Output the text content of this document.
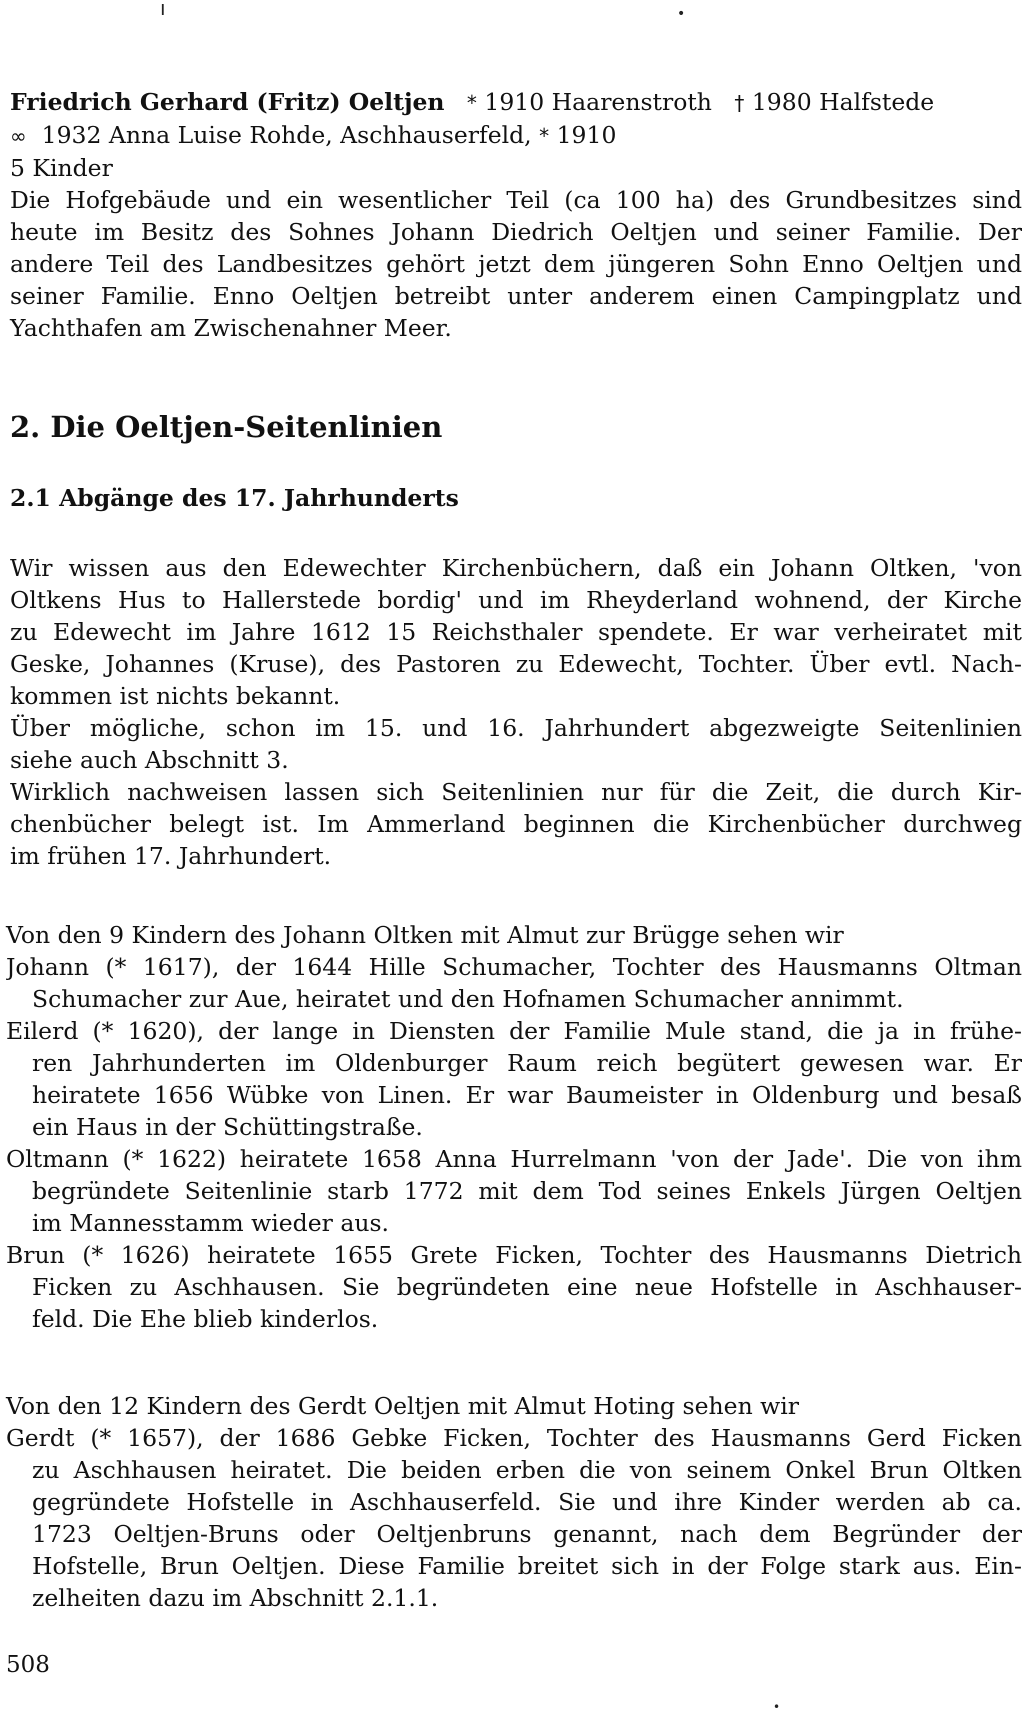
ı	•
•
Friedrich Gerhard (Fritz) Oeltjen * 1910 Haarenstroth † 1980 Halfstede
∞ 1932 Anna Luise Rohde, Aschhauserfeld, * 1910
5 Kinder
Die Hofgebäude und ein wesentlicher Teil (ca 100 ha) des Grundbesitzes sind
heute im Besitz des Sohnes Johann Diedrich Oeltjen und seiner Familie. Der
andere Teil des Landbesitzes gehört jetzt dem jüngeren Sohn Enno Oeltjen und
seiner Familie. Enno Oeltjen betreibt unter anderem einen Campingplatz und
Yachthafen am Zwischenahner Meer.
2. Die Oeltjen-Seitenlinien
2.1 Abgänge des 17. Jahrhunderts
Wir wissen aus den Edewechter Kirchenbüchern, daß ein Johann Oltken, 'von
Oltkens Hus to Hallerstede bordig' und im Rheyderland wohnend, der Kirche
zu Edewecht im Jahre 1612 15 Reichsthaler spendete. Er war verheiratet mit
Geske, Johannes (Kruse), des Pastoren zu Edewecht, Tochter. Über evtl. Nach-
kommen ist nichts bekannt.
Über mögliche, schon im 15. und 16. Jahrhundert abgezweigte Seitenlinien
siehe auch Abschnitt 3.
Wirklich nachweisen lassen sich Seitenlinien nur für die Zeit, die durch Kir-
chenbücher belegt ist. Im Ammerland beginnen die Kirchenbücher durchweg
im frühen 17. Jahrhundert.
Von den 9 Kindern des Johann Oltken mit Almut zur Brügge sehen wir
Johann (* 1617), der 1644 Hille Schumacher, Tochter des Hausmanns Oltman
Schumacher zur Aue, heiratet und den Hofnamen Schumacher annimmt.
Eilerd (* 1620), der lange in Diensten der Familie Mule stand, die ja in frühe-
ren Jahrhunderten im Oldenburger Raum reich begütert gewesen war. Er
heiratete 1656 Wübke von Linen. Er war Baumeister in Oldenburg und besaß
ein Haus in der Schüttingstraße.
Oltmann (* 1622) heiratete 1658 Anna Hurrelmann 'von der Jade'. Die von ihm
begründete Seitenlinie starb 1772 mit dem Tod seines Enkels Jürgen Oeltjen
im Mannesstamm wieder aus.
Brun (* 1626) heiratete 1655 Grete Ficken, Tochter des Hausmanns Dietrich
Ficken zu Aschhausen. Sie begründeten eine neue Hofstelle in Aschhauser-
feld. Die Ehe blieb kinderlos.
Von den 12 Kindern des Gerdt Oeltjen mit Almut Hoting sehen wir
Gerdt (* 1657), der 1686 Gebke Ficken, Tochter des Hausmanns Gerd Ficken
zu Aschhausen heiratet. Die beiden erben die von seinem Onkel Brun Oltken
gegründete Hofstelle in Aschhauserfeld. Sie und ihre Kinder werden ab ca.
1723 Oeltjen-Bruns oder Oeltjenbruns genannt, nach dem Begründer der
Hofstelle, Brun Oeltjen. Diese Familie breitet sich in der Folge stark aus. Ein-
zelheiten dazu im Abschnitt 2.1.1.
508
